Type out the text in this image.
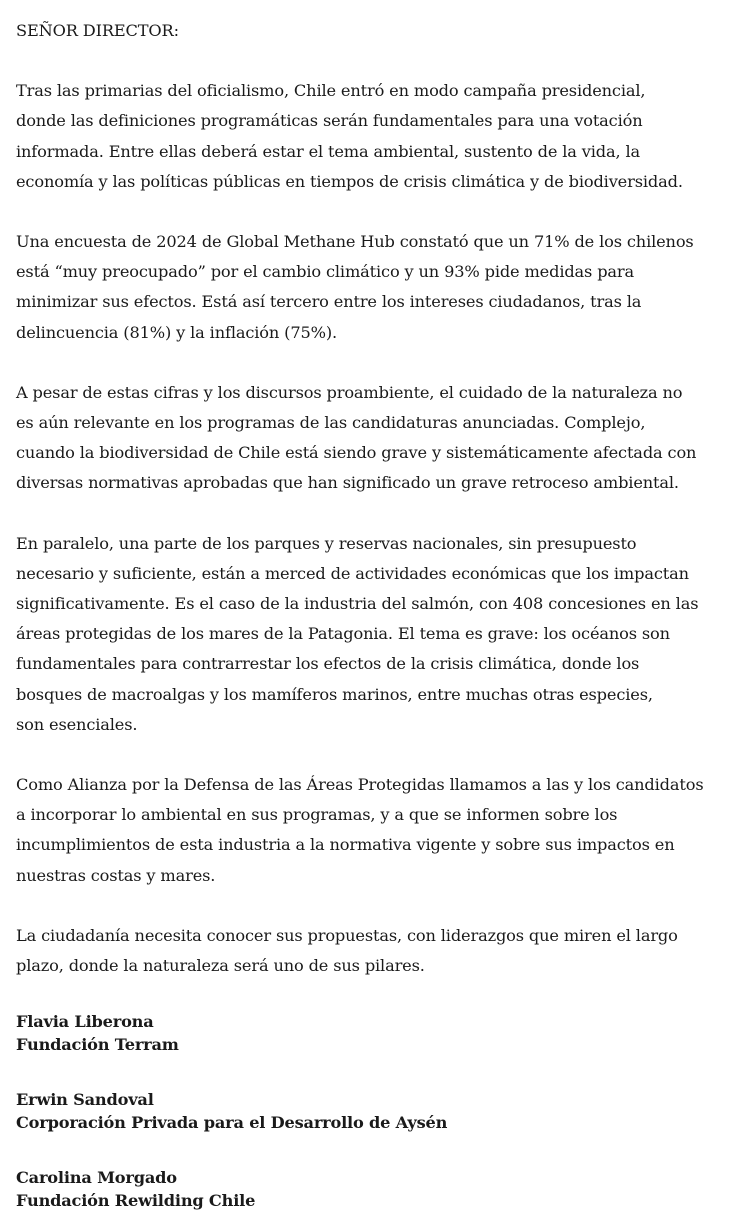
SEÑOR DIRECTOR:
Tras las primarias del oficialismo, Chile entró en modo campaña presidencial,
donde las definiciones programáticas serán fundamentales para una votación
informada. Entre ellas deberá estar el tema ambiental, sustento de la vida, la
economía y las políticas públicas en tiempos de crisis climática y de biodiversidad.
Una encuesta de 2024 de Global Methane Hub constató que un 71% de los chilenos
está “muy preocupado” por el cambio climático y un 93% pide medidas para
minimizar sus efectos. Está así tercero entre los intereses ciudadanos, tras la
delincuencia (81%) y la inflación (75%).
A pesar de estas cifras y los discursos proambiente, el cuidado de la naturaleza no
es aún relevante en los programas de las candidaturas anunciadas. Complejo,
cuando la biodiversidad de Chile está siendo grave y sistemáticamente afectada con
diversas normativas aprobadas que han significado un grave retroceso ambiental.
En paralelo, una parte de los parques y reservas nacionales, sin presupuesto
necesario y suficiente, están a merced de actividades económicas que los impactan
significativamente. Es el caso de la industria del salmón, con 408 concesiones en las
áreas protegidas de los mares de la Patagonia. El tema es grave: los océanos son
fundamentales para contrarrestar los efectos de la crisis climática, donde los
bosques de macroalgas y los mamíferos marinos, entre muchas otras especies,
son esenciales.
Como Alianza por la Defensa de las Áreas Protegidas llamamos a las y los candidatos
a incorporar lo ambiental en sus programas, y a que se informen sobre los
incumplimientos de esta industria a la normativa vigente y sobre sus impactos en
nuestras costas y mares.
La ciudadanía necesita conocer sus propuestas, con liderazgos que miren el largo
plazo, donde la naturaleza será uno de sus pilares.
Flavia Liberona
Fundación Terram
Erwin Sandoval
Corporación Privada para el Desarrollo de Aysén
Carolina Morgado
Fundación Rewilding Chile
